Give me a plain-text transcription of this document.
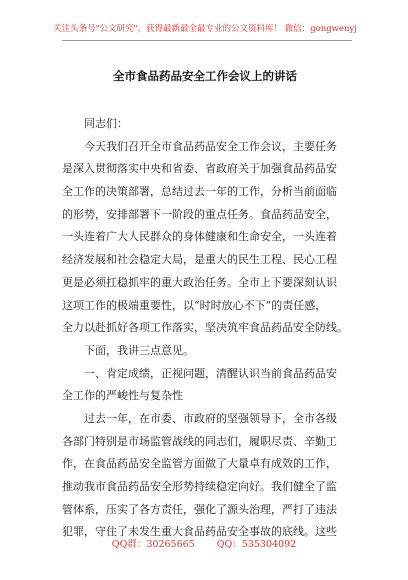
关注头条号"公文研究"，获得最新最全最专业的公文资料库！ 微信：gongwenyj
全市食品药品安全工作会议上的讲话
同志们：
今天我们召开全市食品药品安全工作会议，主要任务
是深入贯彻落实中央和省委、省政府关于加强食品药品安
全工作的决策部署，总结过去一年的工作，分析当前面临
的形势，安排部署下一阶段的重点任务。食品药品安全，
一头连着广大人民群众的身体健康和生命安全，一头连着
经济发展和社会稳定大局，是重大的民生工程、民心工程
更是必须扛稳抓牢的重大政治任务。全市上下要深刻认识
这项工作的极端重要性，以“时时放心不下”的责任感，
全力以赴抓好各项工作落实，坚决筑牢食品药品安全防线。
下面，我讲三点意见。
一、肯定成绩，正视问题，清醒认识当前食品药品安
全工作的严峻性与复杂性
过去一年，在市委、市政府的坚强领导下，全市各级
各部门特别是市场监管战线的同志们，履职尽责、辛勤工
作，在食品药品安全监管方面做了大量卓有成效的工作，
推动我市食品药品安全形势持续稳定向好。我们健全了监
管体系，压实了各方责任，强化了源头治理，严打了违法
犯罪，守住了未发生重大食品药品安全事故的底线。这些
QQ群：30265665 QQ：535304092
